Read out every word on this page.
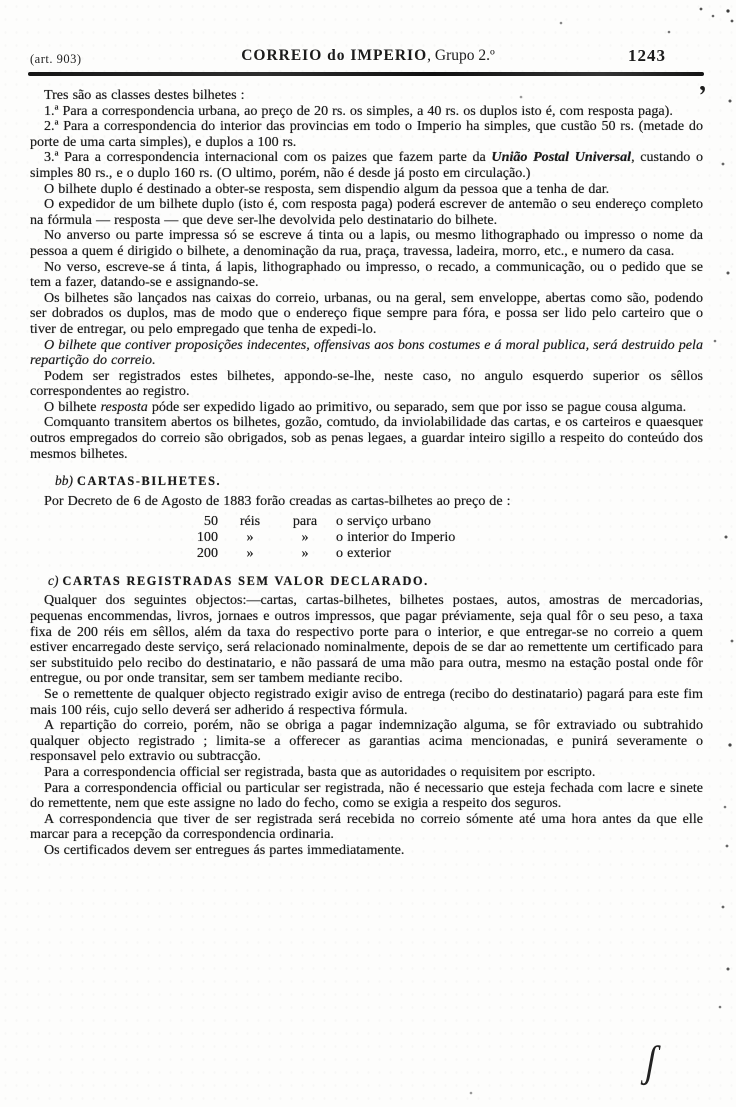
(art. 903)	CORREIO do IMPERIO, Grupo 2.º	1243

Tres são as classes destes bilhetes :

1.ª Para a correspondencia urbana, ao preço de 20 rs. os simples, a 40 rs. os duplos isto é, com resposta paga).

2.ª Para a correspondencia do interior das provincias em todo o Imperio ha simples, que custão 50 rs. (metade do porte de uma carta simples), e duplos a 100 rs.

3.ª Para a correspondencia internacional com os paizes que fazem parte da União Postal Universal, custando o simples 80 rs., e o duplo 160 rs. (O ultimo, porém, não é desde já posto em circulação.)

O bilhete duplo é destinado a obter-se resposta, sem dispendio algum da pessoa que a tenha de dar.

O expedidor de um bilhete duplo (isto é, com resposta paga) poderá escrever de antemão o seu endereço completo na fórmula — resposta — que deve ser-lhe devolvida pelo destinatario do bilhete.

No anverso ou parte impressa só se escreve á tinta ou a lapis, ou mesmo lithographado ou impresso o nome da pessoa a quem é dirigido o bilhete, a denominação da rua, praça, travessa, ladeira, morro, etc., e numero da casa.

No verso, escreve-se á tinta, á lapis, lithographado ou impresso, o recado, a communicação, ou o pedido que se tem a fazer, datando-se e assignando-se.

Os bilhetes são lançados nas caixas do correio, urbanas, ou na geral, sem enveloppe, abertas como são, podendo ser dobrados os duplos, mas de modo que o endereço fique sempre para fóra, e possa ser lido pelo carteiro que o tiver de entregar, ou pelo empregado que tenha de expedi-lo.

O bilhete que contiver proposições indecentes, offensivas aos bons costumes e á moral publica, será destruido pela repartição do correio.

Podem ser registrados estes bilhetes, appondo-se-lhe, neste caso, no angulo esquerdo superior os sêllos correspondentes ao registro.

O bilhete resposta póde ser expedido ligado ao primitivo, ou separado, sem que por isso se pague cousa alguma.

Comquanto transitem abertos os bilhetes, gozão, comtudo, da inviolabilidade das cartas, e os carteiros e quaesquer outros empregados do correio são obrigados, sob as penas legaes, a guardar inteiro sigillo a respeito do conteúdo dos mesmos bilhetes.

bb) CARTAS-BILHETES.

Por Decreto de 6 de Agosto de 1883 forão creadas as cartas-bilhetes ao preço de :

50	réis	para	o serviço urbano
100	»	»	o interior do Imperio
200	»	»	o exterior

c) CARTAS REGISTRADAS SEM VALOR DECLARADO.

Qualquer dos seguintes objectos:—cartas, cartas-bilhetes, bilhetes postaes, autos, amostras de mercadorias, pequenas encommendas, livros, jornaes e outros impressos, que pagar préviamente, seja qual fôr o seu peso, a taxa fixa de 200 réis em sêllos, além da taxa do respectivo porte para o interior, e que entregar-se no correio a quem estiver encarregado deste serviço, será relacionado nominalmente, depois de se dar ao remettente um certificado para ser substituido pelo recibo do destinatario, e não passará de uma mão para outra, mesmo na estação postal onde fôr entregue, ou por onde transitar, sem ser tambem mediante recibo.

Se o remettente de qualquer objecto registrado exigir aviso de entrega (recibo do destinatario) pagará para este fim mais 100 réis, cujo sello deverá ser adherido á respectiva fórmula.

A repartição do correio, porém, não se obriga a pagar indemnização alguma, se fôr extraviado ou subtrahido qualquer objecto registrado ; limita-se a offerecer as garantias acima mencionadas, e punirá severamente o responsavel pelo extravio ou subtracção.

Para a correspondencia official ser registrada, basta que as autoridades o requisitem por escripto.

Para a correspondencia official ou particular ser registrada, não é necessario que esteja fechada com lacre e sinete do remettente, nem que este assigne no lado do fecho, como se exigia a respeito dos seguros.

A correspondencia que tiver de ser registrada será recebida no correio sómente até uma hora antes da que elle marcar para a recepção da correspondencia ordinaria.

Os certificados devem ser entregues ás partes immediatamente.

,
ʃ
